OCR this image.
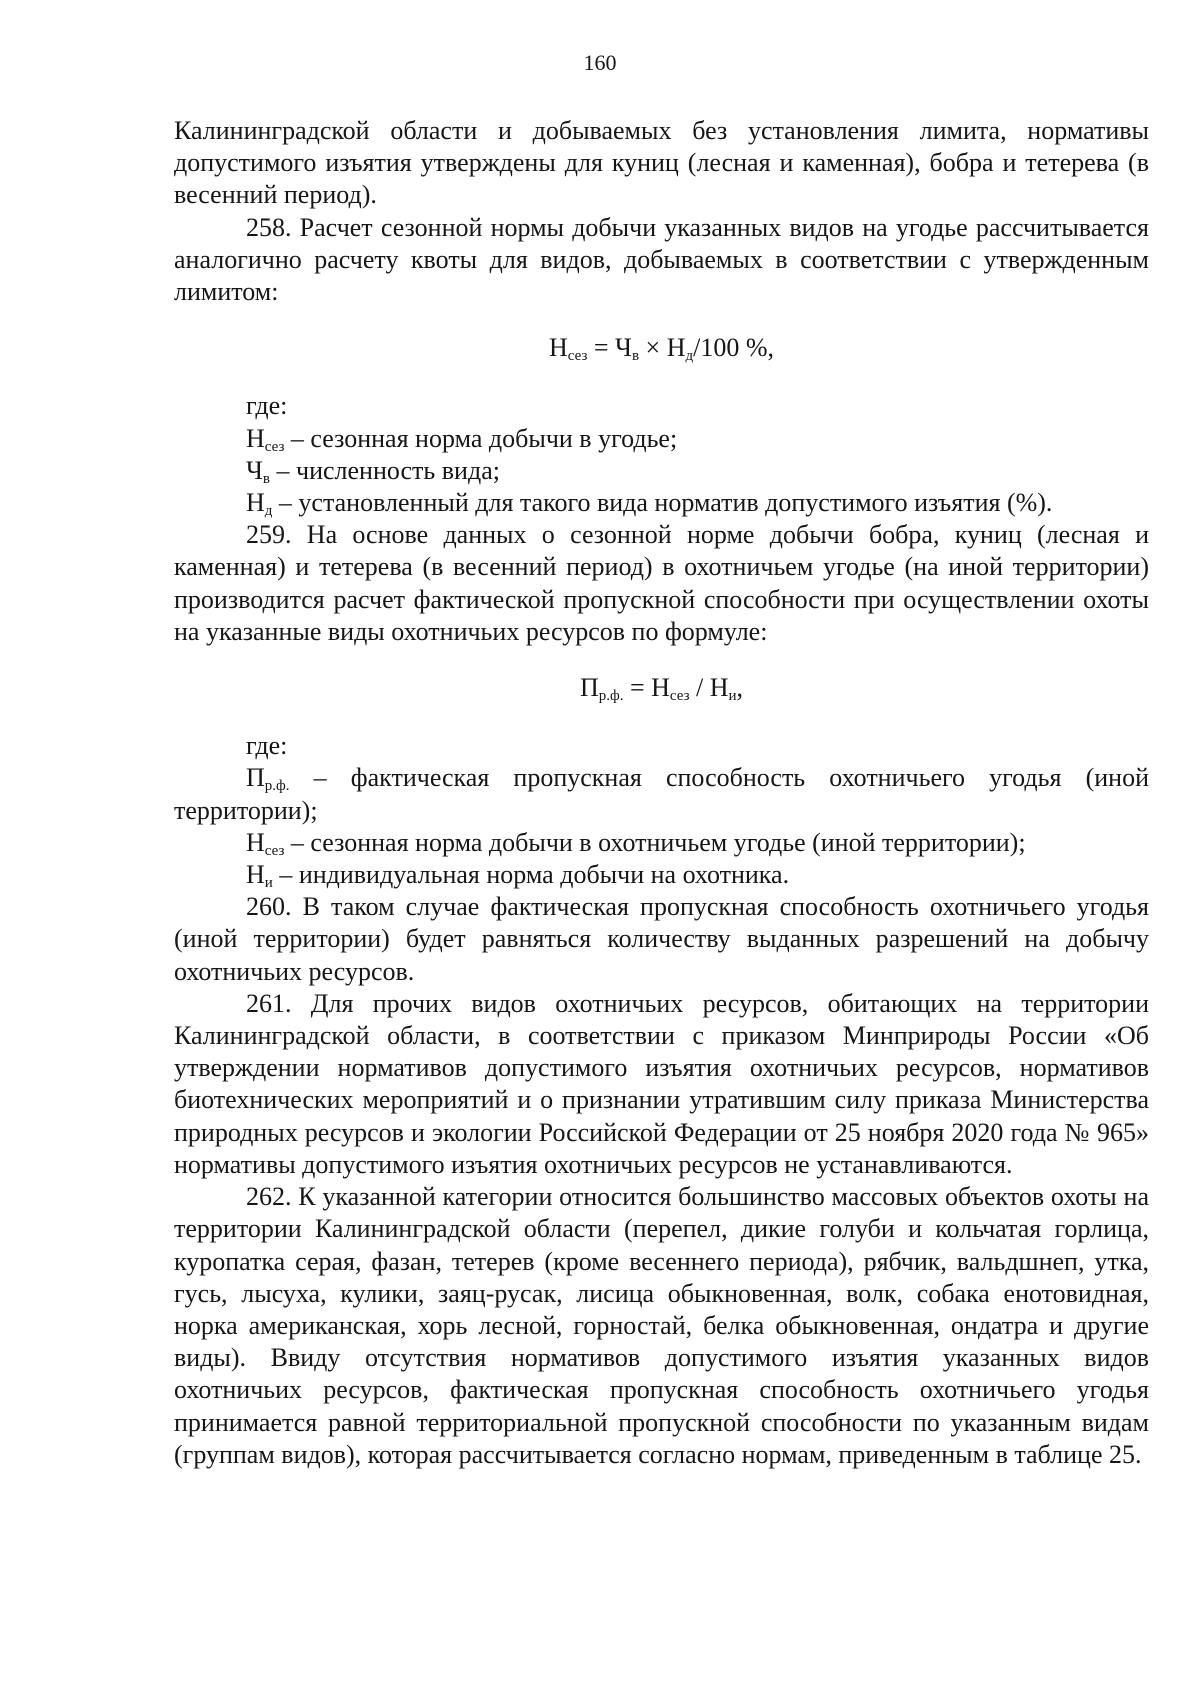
160

Калининградской области и добываемых без установления лимита, нормативы допустимого изъятия утверждены для куниц (лесная и каменная), бобра и тетерева (в весенний период).

258. Расчет сезонной нормы добычи указанных видов на угодье рассчитывается аналогично расчету квоты для видов, добываемых в соответствии с утвержденным лимитом:

$Н_{сез} = Ч_в \times Н_д/100$ %,

где:

$Н_{сез}$ – сезонная норма добычи в угодье;

$Ч_в$ – численность вида;

$Н_д$ – установленный для такого вида норматив допустимого изъятия (%).

259. На основе данных о сезонной норме добычи бобра, куниц (лесная и каменная) и тетерева (в весенний период) в охотничьем угодье (на иной территории) производится расчет фактической пропускной способности при осуществлении охоты на указанные виды охотничьих ресурсов по формуле:

$П_{р.ф.} = Н_{сез} / Н_и$,

где:

$П_{р.ф.}$ – фактическая пропускная способность охотничьего угодья (иной территории);

$Н_{сез}$ – сезонная норма добычи в охотничьем угодье (иной территории);

$Н_и$ – индивидуальная норма добычи на охотника.

260. В таком случае фактическая пропускная способность охотничьего угодья (иной территории) будет равняться количеству выданных разрешений на добычу охотничьих ресурсов.

261. Для прочих видов охотничьих ресурсов, обитающих на территории Калининградской области, в соответствии с приказом Минприроды России «Об утверждении нормативов допустимого изъятия охотничьих ресурсов, нормативов биотехнических мероприятий и о признании утратившим силу приказа Министерства природных ресурсов и экологии Российской Федерации от 25 ноября 2020 года № 965» нормативы допустимого изъятия охотничьих ресурсов не устанавливаются.

262. К указанной категории относится большинство массовых объектов охоты на территории Калининградской области (перепел, дикие голуби и кольчатая горлица, куропатка серая, фазан, тетерев (кроме весеннего периода), рябчик, вальдшнеп, утка, гусь, лысуха, кулики, заяц-русак, лисица обыкновенная, волк, собака енотовидная, норка американская, хорь лесной, горностай, белка обыкновенная, ондатра и другие виды). Ввиду отсутствия нормативов допустимого изъятия указанных видов охотничьих ресурсов, фактическая пропускная способность охотничьего угодья принимается равной территориальной пропускной способности по указанным видам (группам видов), которая рассчитывается согласно нормам, приведенным в таблице 25.
